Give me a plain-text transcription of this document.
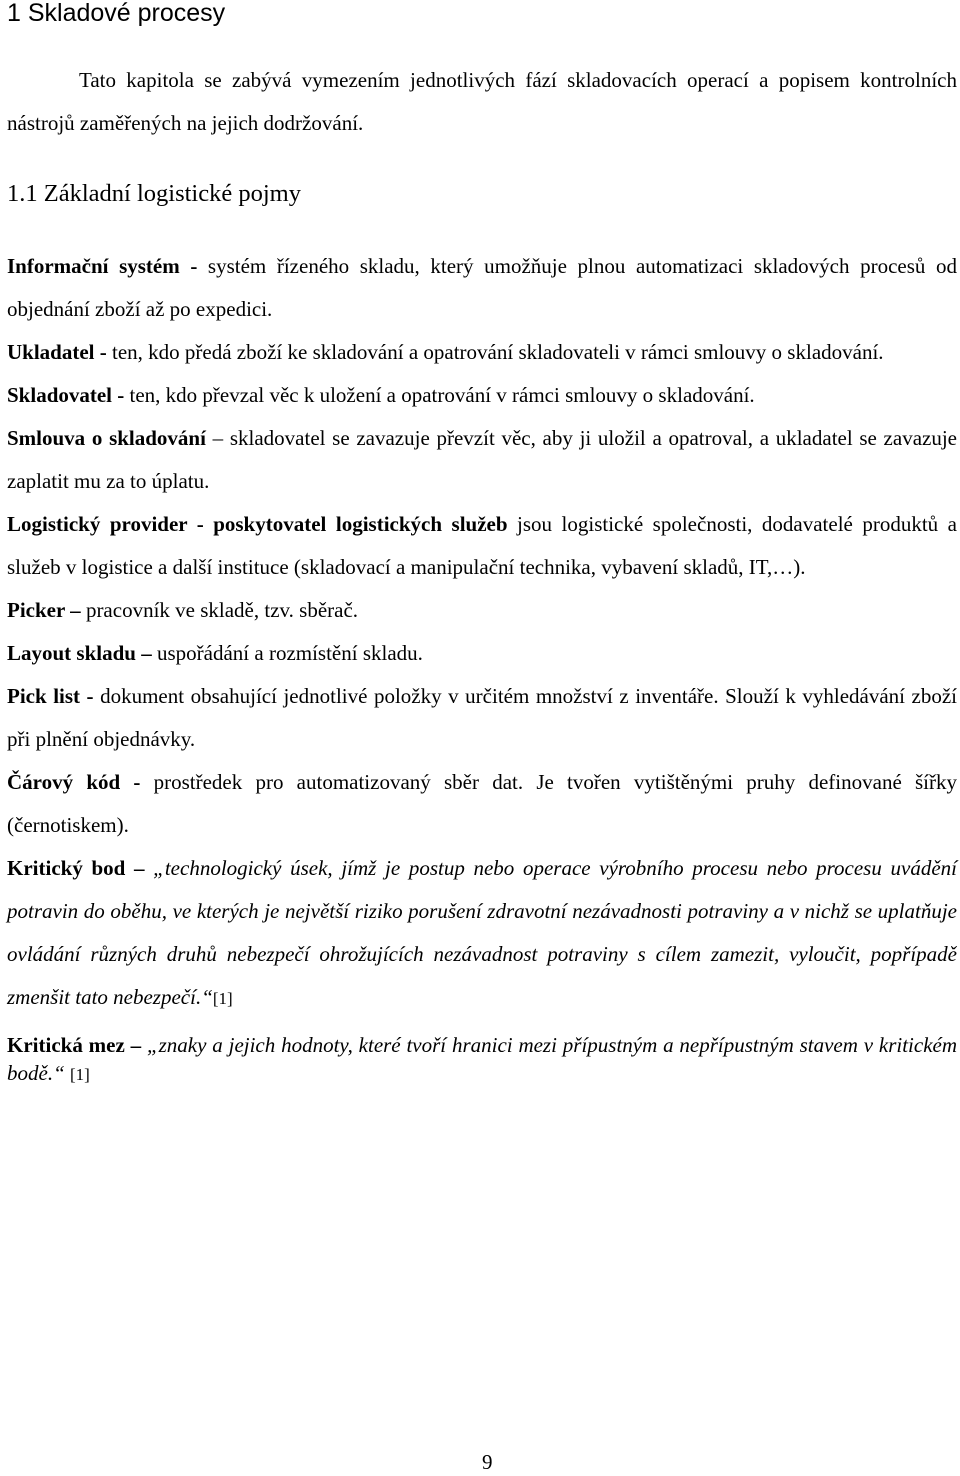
1 Skladové procesy

Tato kapitola se zabývá vymezením jednotlivých fází skladovacích operací a popisem kontrolních nástrojů zaměřených na jejich dodržování.

1.1 Základní logistické pojmy

Informační systém - systém řízeného skladu, který umožňuje plnou automatizaci skladových procesů od objednání zboží až po expedici.

Ukladatel - ten, kdo předá zboží ke skladování a opatrování skladovateli v rámci smlouvy o skladování.

Skladovatel - ten, kdo převzal věc k uložení a opatrování v rámci smlouvy o skladování.

Smlouva o skladování – skladovatel se zavazuje převzít věc, aby ji uložil a opatroval, a ukladatel se zavazuje zaplatit mu za to úplatu.

Logistický provider - poskytovatel logistických služeb jsou logistické společnosti, dodavatelé produktů a služeb v logistice a další instituce (skladovací a manipulační technika, vybavení skladů, IT,…).

Picker – pracovník ve skladě, tzv. sběrač.

Layout skladu – uspořádání a rozmístění skladu.

Pick list - dokument obsahující jednotlivé položky v určitém množství z inventáře. Slouží k vyhledávání zboží při plnění objednávky.

Čárový kód - prostředek pro automatizovaný sběr dat. Je tvořen vytištěnými pruhy definované šířky (černotiskem).

Kritický bod – „technologický úsek, jímž je postup nebo operace výrobního procesu nebo procesu uvádění potravin do oběhu, ve kterých je největší riziko porušení zdravotní nezávadnosti potraviny a v nichž se uplatňuje ovládání různých druhů nebezpečí ohrožujících nezávadnost potraviny s cílem zamezit, vyloučit, popřípadě zmenšit tato nebezpečí.“[1]

Kritická mez – „znaky a jejich hodnoty, které tvoří hranici mezi přípustným a nepřípustným stavem v kritickém bodě.“ [1]

9
